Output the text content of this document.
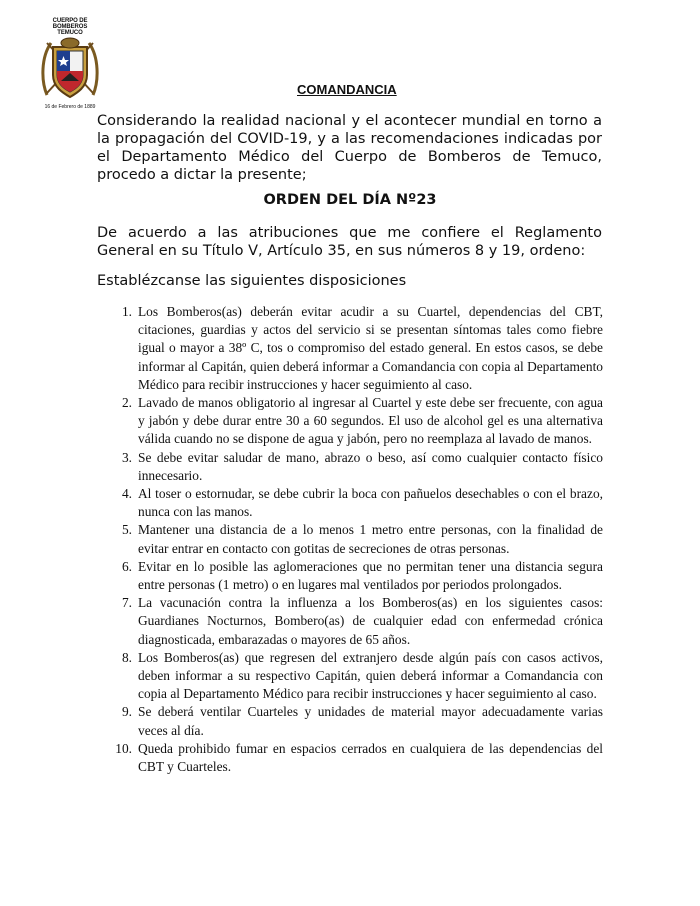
CUERPO DE BOMBEROS
TEMUCO
16 de Febrero de 1889
COMANDANCIA
Considerando la realidad nacional y el acontecer mundial en torno a la propagación del COVID-19, y a las recomendaciones indicadas por el Departamento Médico del Cuerpo de Bomberos de Temuco, procedo a dictar la presente;
ORDEN DEL DÍA Nº23
De acuerdo a las atribuciones que me confiere el Reglamento General en su Título V, Artículo 35, en sus números 8 y 19, ordeno:
Establézcanse las siguientes disposiciones
1. Los Bomberos(as) deberán evitar acudir a su Cuartel, dependencias del CBT, citaciones, guardias y actos del servicio si se presentan síntomas tales como fiebre igual o mayor a 38º C, tos o compromiso del estado general. En estos casos, se debe informar al Capitán, quien deberá informar a Comandancia con copia al Departamento Médico para recibir instrucciones y hacer seguimiento al caso.
2. Lavado de manos obligatorio al ingresar al Cuartel y este debe ser frecuente, con agua y jabón y debe durar entre 30 a 60 segundos. El uso de alcohol gel es una alternativa válida cuando no se dispone de agua y jabón, pero no reemplaza al lavado de manos.
3. Se debe evitar saludar de mano, abrazo o beso, así como cualquier contacto físico innecesario.
4. Al toser o estornudar, se debe cubrir la boca con pañuelos desechables o con el brazo, nunca con las manos.
5. Mantener una distancia de a lo menos 1 metro entre personas, con la finalidad de evitar entrar en contacto con gotitas de secreciones de otras personas.
6. Evitar en lo posible las aglomeraciones que no permitan tener una distancia segura entre personas (1 metro) o en lugares mal ventilados por periodos prolongados.
7. La vacunación contra la influenza a los Bomberos(as) en los siguientes casos: Guardianes Nocturnos, Bombero(as) de cualquier edad con enfermedad crónica diagnosticada, embarazadas o mayores de 65 años.
8. Los Bomberos(as) que regresen del extranjero desde algún país con casos activos, deben informar a su respectivo Capitán, quien deberá informar a Comandancia con copia al Departamento Médico para recibir instrucciones y hacer seguimiento al caso.
9. Se deberá ventilar Cuarteles y unidades de material mayor adecuadamente varias veces al día.
10. Queda prohibido fumar en espacios cerrados en cualquiera de las dependencias del CBT y Cuarteles.
